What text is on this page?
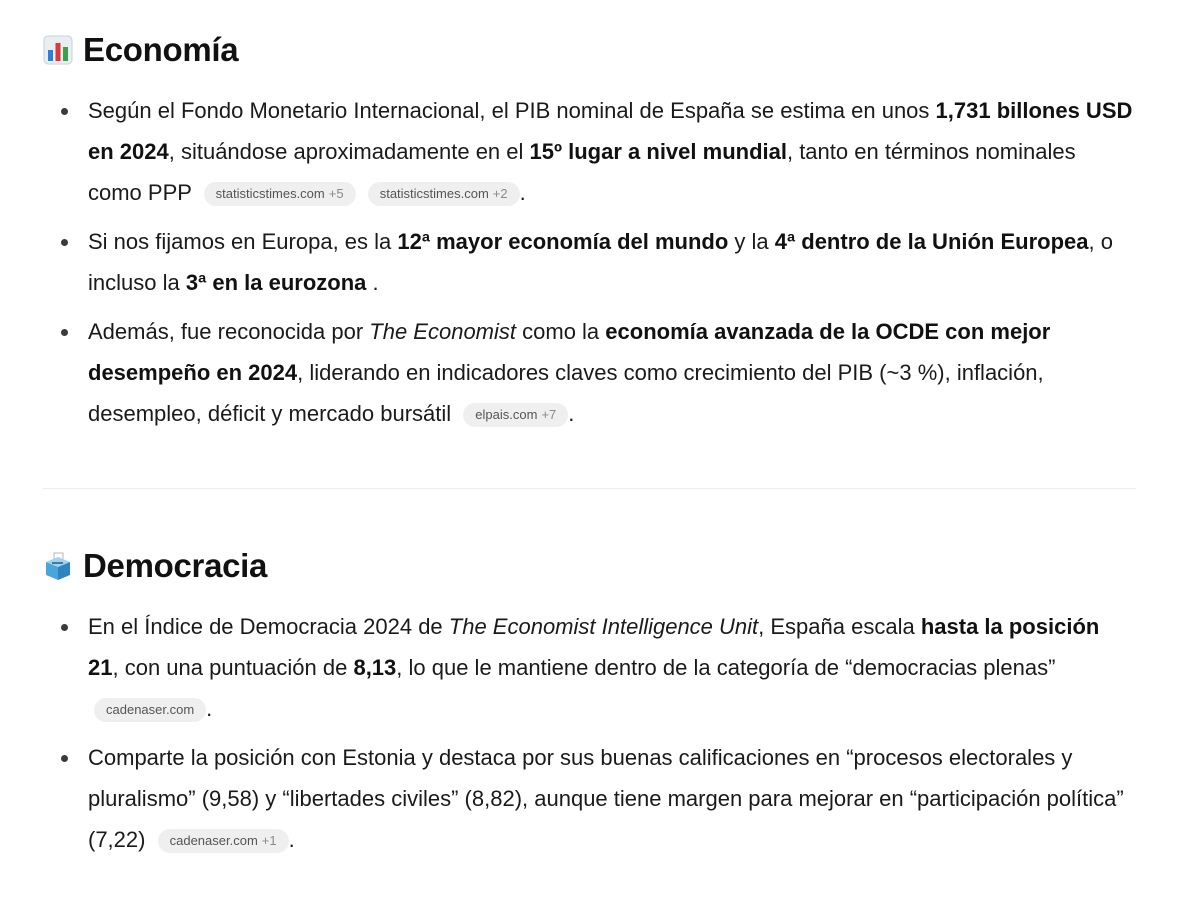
Economía
Según el Fondo Monetario Internacional, el PIB nominal de España se estima en unos 1,731 billones USD en 2024, situándose aproximadamente en el 15º lugar a nivel mundial, tanto en términos nominales como PPP statisticstimes.com +5	statisticstimes.com +2 .
Si nos fijamos en Europa, es la 12ª mayor economía del mundo y la 4ª dentro de la Unión Europea, o incluso la 3ª en la eurozona .
Además, fue reconocida por The Economist como la economía avanzada de la OCDE con mejor desempeño en 2024, liderando en indicadores claves como crecimiento del PIB (~3 %), inflación, desempleo, déficit y mercado bursátil elpais.com +7 .
Democracia
En el Índice de Democracia 2024 de The Economist Intelligence Unit, España escala hasta la posición 21, con una puntuación de 8,13, lo que le mantiene dentro de la categoría de “democracias plenas” cadenaser.com .
Comparte la posición con Estonia y destaca por sus buenas calificaciones en “procesos electorales y pluralismo” (9,58) y “libertades civiles” (8,82), aunque tiene margen para mejorar en “participación política” (7,22) cadenaser.com +1 .
